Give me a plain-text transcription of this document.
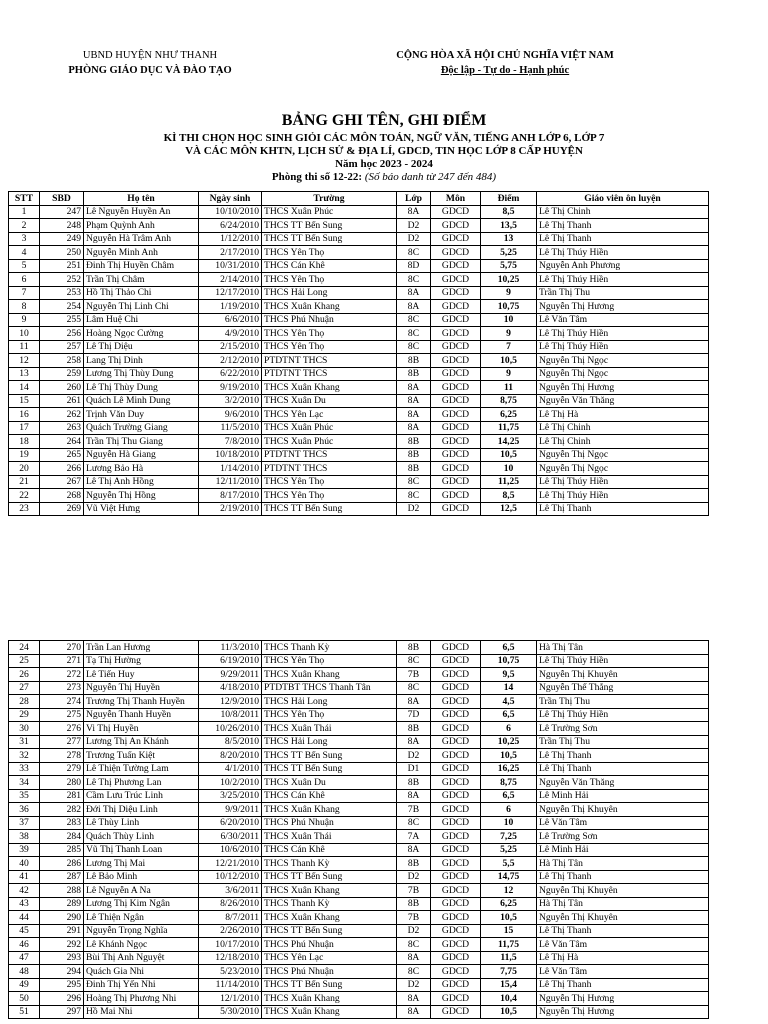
UBND HUYỆN NHƯ THANH
PHÒNG GIÁO DỤC VÀ ĐÀO TẠO
CỘNG HÒA XÃ HỘI CHỦ NGHĨA VIỆT NAM
Độc lập - Tự do - Hạnh phúc
BẢNG GHI TÊN, GHI ĐIỂM
KÌ THI CHỌN HỌC SINH GIỎI CÁC MÔN TOÁN, NGỮ VĂN, TIẾNG ANH LỚP 6, LỚP 7
VÀ CÁC MÔN KHTN, LỊCH SỬ & ĐỊA LÍ, GDCD, TIN HỌC LỚP 8 CẤP HUYỆN
Năm học 2023 - 2024
Phòng thi số 12-22: (Số báo danh từ 247 đến 484)
STT	SBD	Họ tên	Ngày sinh	Trường	Lớp	Môn	Điểm	Giáo viên ôn luyện
1	247	Lê Nguyễn Huyền An	10/10/2010	THCS Xuân Phúc	8A	GDCD	8,5	Lê Thị Chinh
2	248	Phạm Quỳnh Anh	6/24/2010	THCS TT Bến Sung	D2	GDCD	13,5	Lê Thị Thanh
3	249	Nguyễn Hà Trâm Anh	1/12/2010	THCS TT Bến Sung	D2	GDCD	13	Lê Thị Thanh
4	250	Nguyễn Minh Anh	2/17/2010	THCS Yên Thọ	8C	GDCD	5,25	Lê Thị Thúy Hiền
5	251	Đinh Thị Huyền Châm	10/31/2010	THCS Cán Khê	8D	GDCD	5,75	Nguyễn Anh Phương
6	252	Trần Thị Châm	2/14/2010	THCS Yên Thọ	8C	GDCD	10,25	Lê Thị Thúy Hiền
7	253	Hồ Thị Thảo Chi	12/17/2010	THCS Hải Long	8A	GDCD	9	Trần Thị Thu
8	254	Nguyễn Thị Linh Chi	1/19/2010	THCS Xuân Khang	8A	GDCD	10,75	Nguyễn Thị Hương
9	255	Lâm Huệ Chi	6/6/2010	THCS Phú Nhuận	8C	GDCD	10	Lê Văn Tâm
10	256	Hoàng Ngọc Cường	4/9/2010	THCS Yên Thọ	8C	GDCD	9	Lê Thị Thúy Hiền
11	257	Lê Thị Diệu	2/15/2010	THCS Yên Thọ	8C	GDCD	7	Lê Thị Thúy Hiền
12	258	Lang Thị Dinh	2/12/2010	PTDTNT THCS	8B	GDCD	10,5	Nguyễn Thị Ngọc
13	259	Lương Thị Thùy Dung	6/22/2010	PTDTNT THCS	8B	GDCD	9	Nguyễn Thị Ngọc
14	260	Lê Thị Thùy Dung	9/19/2010	THCS Xuân Khang	8A	GDCD	11	Nguyễn Thị Hương
15	261	Quách Lê Minh Dung	3/2/2010	THCS Xuân Du	8A	GDCD	8,75	Nguyễn Văn Thăng
16	262	Trịnh Văn Duy	9/6/2010	THCS Yên Lạc	8A	GDCD	6,25	Lê Thị Hà
17	263	Quách Trường Giang	11/5/2010	THCS Xuân Phúc	8A	GDCD	11,75	Lê Thị Chinh
18	264	Trần Thị Thu Giang	7/8/2010	THCS Xuân Phúc	8B	GDCD	14,25	Lê Thị Chinh
19	265	Nguyễn Hà Giang	10/18/2010	PTDTNT THCS	8B	GDCD	10,5	Nguyễn Thị Ngọc
20	266	Lương Bảo Hà	1/14/2010	PTDTNT THCS	8B	GDCD	10	Nguyễn Thị Ngọc
21	267	Lê Thị Anh Hồng	12/11/2010	THCS Yên Thọ	8C	GDCD	11,25	Lê Thị Thúy Hiền
22	268	Nguyễn Thị Hồng	8/17/2010	THCS Yên Thọ	8C	GDCD	8,5	Lê Thị Thúy Hiền
23	269	Vũ Việt Hưng	2/19/2010	THCS TT Bến Sung	D2	GDCD	12,5	Lê Thị Thanh
24	270	Trần Lan Hương	11/3/2010	THCS Thanh Kỳ	8B	GDCD	6,5	Hà Thị Tân
25	271	Tạ Thị Hường	6/19/2010	THCS Yên Thọ	8C	GDCD	10,75	Lê Thị Thúy Hiền
26	272	Lê Tiến Huy	9/29/2011	THCS Xuân Khang	7B	GDCD	9,5	Nguyễn Thị Khuyên
27	273	Nguyễn Thị Huyền	4/18/2010	PTDTBT THCS Thanh Tân	8C	GDCD	14	Nguyễn Thế Thắng
28	274	Trương Thị Thanh Huyền	12/9/2010	THCS Hải Long	8A	GDCD	4,5	Trần Thị Thu
29	275	Nguyễn Thanh Huyền	10/8/2011	THCS Yên Thọ	7D	GDCD	6,5	Lê Thị Thúy Hiền
30	276	Vi Thị Huyền	10/26/2010	THCS Xuân Thái	8B	GDCD	6	Lê Trường Sơn
31	277	Lương Thị An Khánh	8/5/2010	THCS Hải Long	8A	GDCD	10,25	Trần Thị Thu
32	278	Trương Tuấn Kiệt	8/20/2010	THCS TT Bến Sung	D2	GDCD	10,5	Lê Thị Thanh
33	279	Lê Thiện Tường Lam	4/1/2010	THCS TT Bến Sung	D1	GDCD	16,25	Lê Thị Thanh
34	280	Lê Thị Phương Lan	10/2/2010	THCS Xuân Du	8B	GDCD	8,75	Nguyễn Văn Thăng
35	281	Cầm Lưu Trúc Linh	3/25/2010	THCS Cán Khê	8A	GDCD	6,5	Lê Minh Hải
36	282	Đới Thị Diệu Linh	9/9/2011	THCS Xuân Khang	7B	GDCD	6	Nguyễn Thị Khuyên
37	283	Lê Thùy Linh	6/20/2010	THCS Phú Nhuận	8C	GDCD	10	Lê Văn Tâm
38	284	Quách Thùy Linh	6/30/2011	THCS Xuân Thái	7A	GDCD	7,25	Lê Trường Sơn
39	285	Vũ Thị Thanh Loan	10/6/2010	THCS Cán Khê	8A	GDCD	5,25	Lê Minh Hải
40	286	Lương Thị Mai	12/21/2010	THCS Thanh Kỳ	8B	GDCD	5,5	Hà Thị Tân
41	287	Lê Bảo Minh	10/12/2010	THCS TT Bến Sung	D2	GDCD	14,75	Lê Thị Thanh
42	288	Lê Nguyễn A Na	3/6/2011	THCS Xuân Khang	7B	GDCD	12	Nguyễn Thị Khuyên
43	289	Lương Thị Kim Ngân	8/26/2010	THCS Thanh Kỳ	8B	GDCD	6,25	Hà Thị Tân
44	290	Lê Thiện Ngân	8/7/2011	THCS Xuân Khang	7B	GDCD	10,5	Nguyễn Thị Khuyên
45	291	Nguyễn Trọng Nghĩa	2/26/2010	THCS TT Bến Sung	D2	GDCD	15	Lê Thị Thanh
46	292	Lê Khánh Ngọc	10/17/2010	THCS Phú Nhuận	8C	GDCD	11,75	Lê Văn Tâm
47	293	Bùi Thị Anh Nguyệt	12/18/2010	THCS Yên Lạc	8A	GDCD	11,5	Lê Thị Hà
48	294	Quách Gia Nhi	5/23/2010	THCS Phú Nhuận	8C	GDCD	7,75	Lê Văn Tâm
49	295	Đinh Thị Yến Nhi	11/14/2010	THCS TT Bến Sung	D2	GDCD	15,4	Lê Thị Thanh
50	296	Hoàng Thị Phương Nhi	12/1/2010	THCS Xuân Khang	8A	GDCD	10,4	Nguyễn Thị Hương
51	297	Hồ Mai Nhi	5/30/2010	THCS Xuân Khang	8A	GDCD	10,5	Nguyễn Thị Hương
